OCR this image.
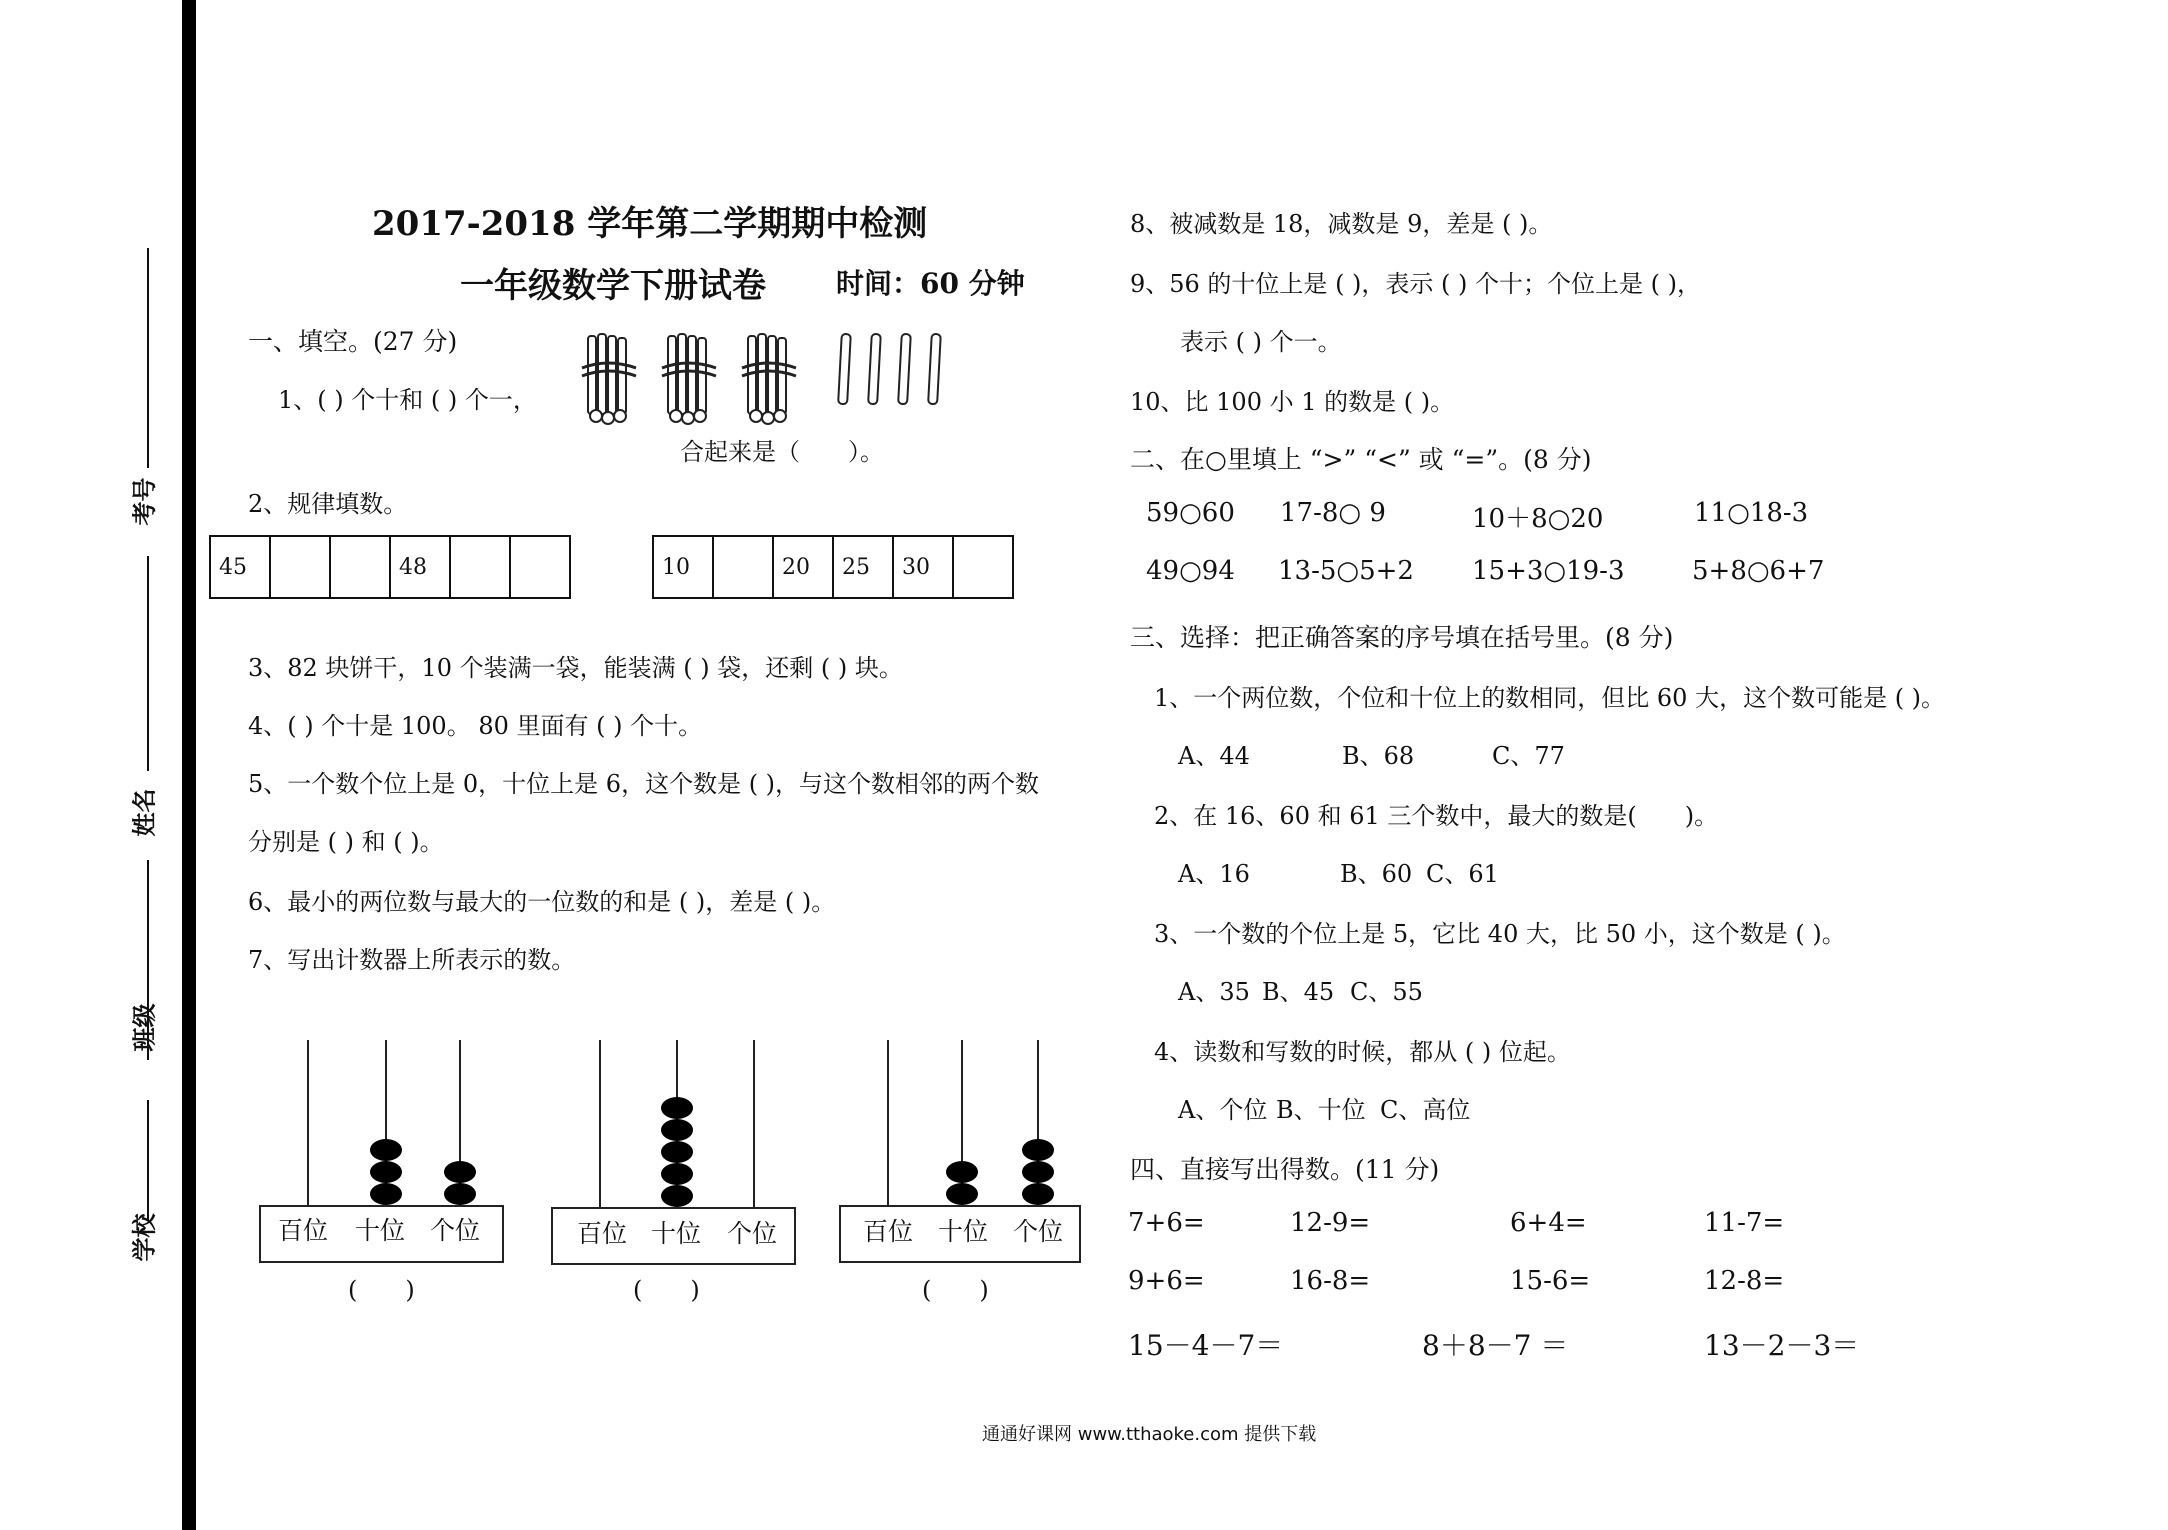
考号
姓名
班级
学校
2017-2018 学年第二学期期中检测
一年级数学下册试卷	时间：60 分钟
一、填空。(27 分)
1、( ) 个十和 ( ) 个一，
合起来是（　　）。
2、规律填数。
45			48			10		20	25	30	
3、82 块饼干，10 个装满一袋，能装满 ( ) 袋，还剩 ( ) 块。
4、( ) 个十是 100。 80 里面有 ( ) 个十。
5、一个数个位上是 0，十位上是 6，这个数是 ( )，与这个数相邻的两个数
分别是 ( ) 和 ( )。
6、最小的两位数与最大的一位数的和是 ( )，差是 ( )。
7、写出计数器上所表示的数。
百位 十位 个位	百位 十位 个位	百位 十位 个位
(　　)	(　　)	(　　)
8、被减数是 18，减数是 9，差是 ( )。
9、56 的十位上是 ( )，表示 ( ) 个十；个位上是 ( )，
表示 ( ) 个一。
10、比 100 小 1 的数是 ( )。
二、在○里填上 “>” “<” 或 “=”。(8 分)
59○60 17-8○ 9	10＋8○20	11○18-3
49○94 13-5○5+2 15+3○19-3	5+8○6+7
三、选择：把正确答案的序号填在括号里。(8 分)
1、一个两位数，个位和十位上的数相同，但比 60 大，这个数可能是 ( )。
A、44	B、68	C、77
2、在 16、60 和 61 三个数中，最大的数是(　　)。
A、16	B、60 C、61
3、一个数的个位上是 5，它比 40 大，比 50 小，这个数是 ( )。
A、35 B、45 C、55
4、读数和写数的时候，都从 ( ) 位起。
A、个位 B、十位 C、高位
四、直接写出得数。(11 分)
7+6=	12-9=	6+4=	11-7=
9+6=	16-8=	15-6=	12-8=
15－4－7＝	8＋8－7 ＝	13－2－3＝
通通好课网 www.tthaoke.com 提供下载
